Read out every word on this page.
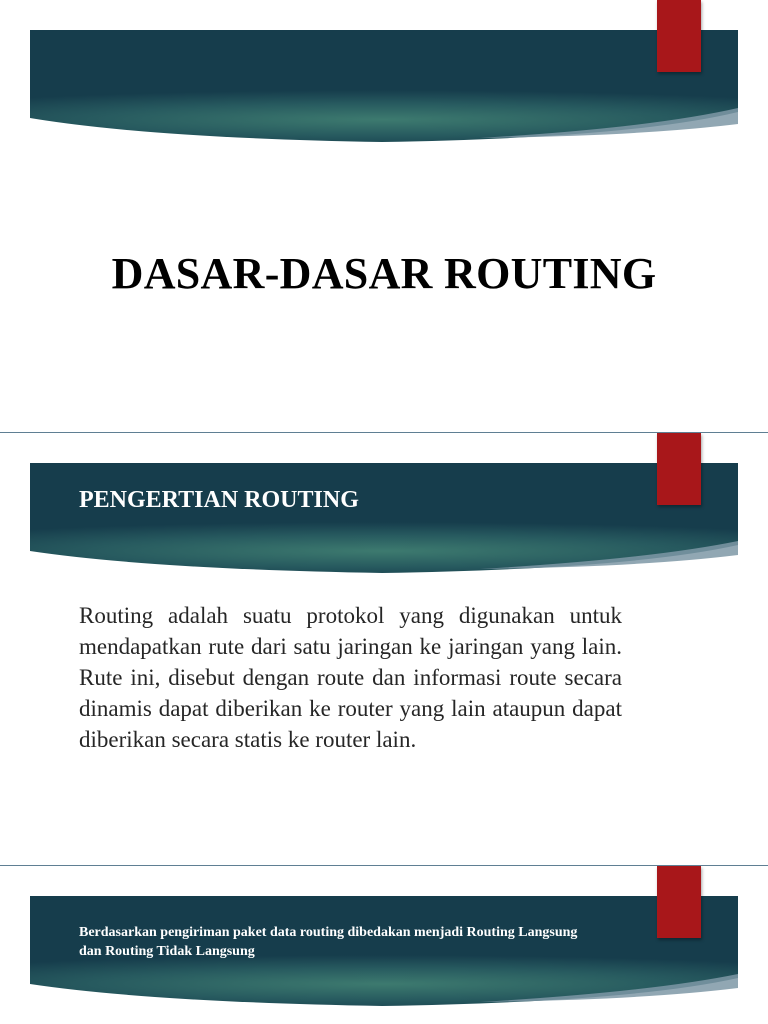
DASAR-DASAR ROUTING
PENGERTIAN ROUTING

Routing adalah suatu protokol yang digunakan untuk mendapatkan rute dari satu jaringan ke jaringan yang lain. Rute ini, disebut dengan route dan informasi route secara dinamis dapat diberikan ke router yang lain ataupun dapat diberikan secara statis ke router lain.

Berdasarkan pengiriman paket data routing dibedakan menjadi Routing Langsung dan Routing Tidak Langsung
